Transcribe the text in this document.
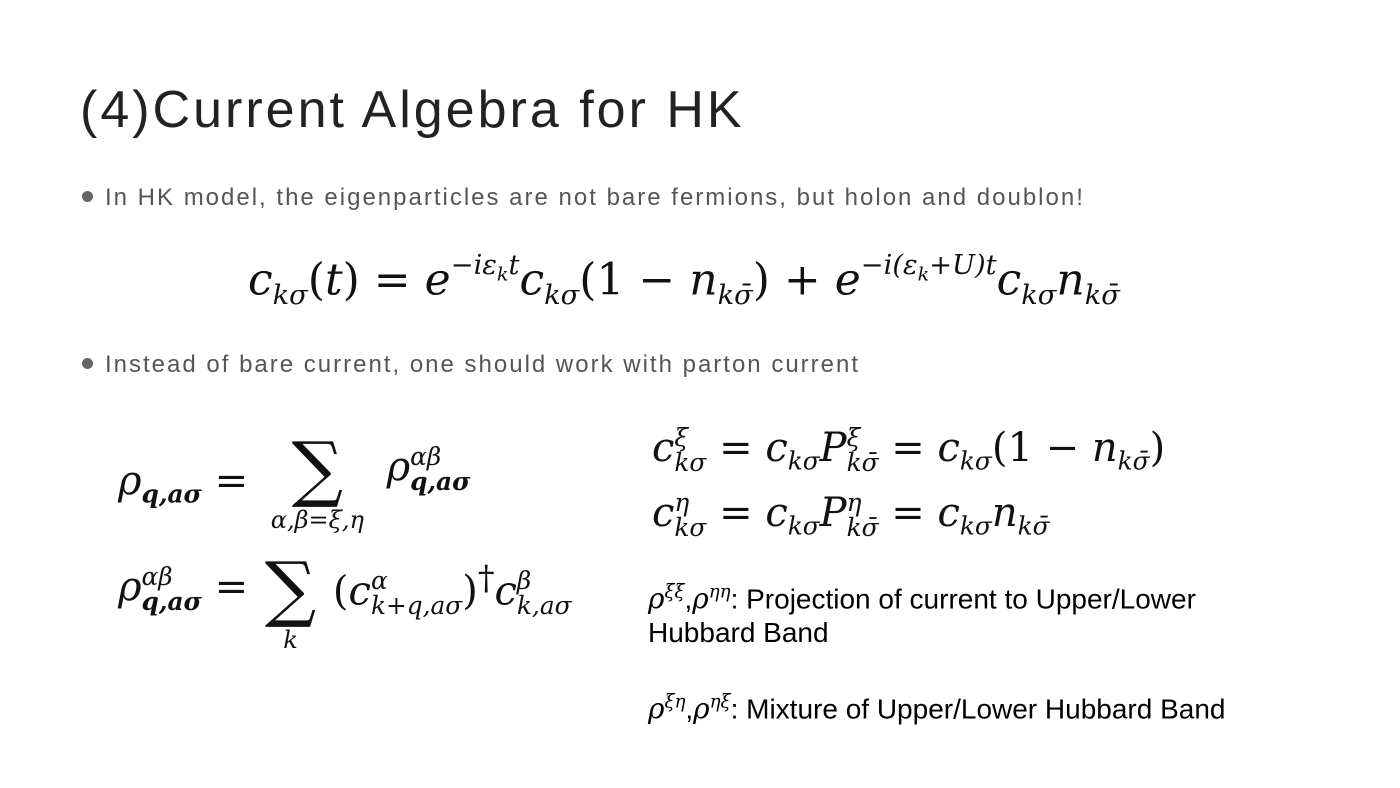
(4)Current Algebra for HK
In HK model, the eigenparticles are not bare fermions, but holon and doublon!
$c_{k\sigma}(t) = e^{-i\varepsilon_kt}c_{k\sigma}(1 - n_{k\sigmā}) + e^{-i(\varepsilon_k+U)t}c_{k\sigma}n_{k\sigmā}$
Instead of bare current, one should work with parton current
$\rho_{q,a\sigma}$ = ∑
α,β=ξ,η
ρ αβ
q,aσ
ρ αβ
q,aσ = ∑
k
(c α
k+q,aσ )†c β
k,aσ
c ξ
$k\sigma = c_{k\sigma}P$ ξ
kσ̄ = $c_{k\sigma}(1 - n_{k\sigmā})$
c η
$k\sigma = c_{k\sigma}P$ η
kσ̄ = $c_{k\sigma}n_{k\sigmā}$
$\rho^{\xi\xi},\rho^{\eta\eta}$: Projection of current to Upper/Lower Hubbard Band
$\rho^{\xi\eta},\rho^{\eta\xi}$: Mixture of Upper/Lower Hubbard Band
